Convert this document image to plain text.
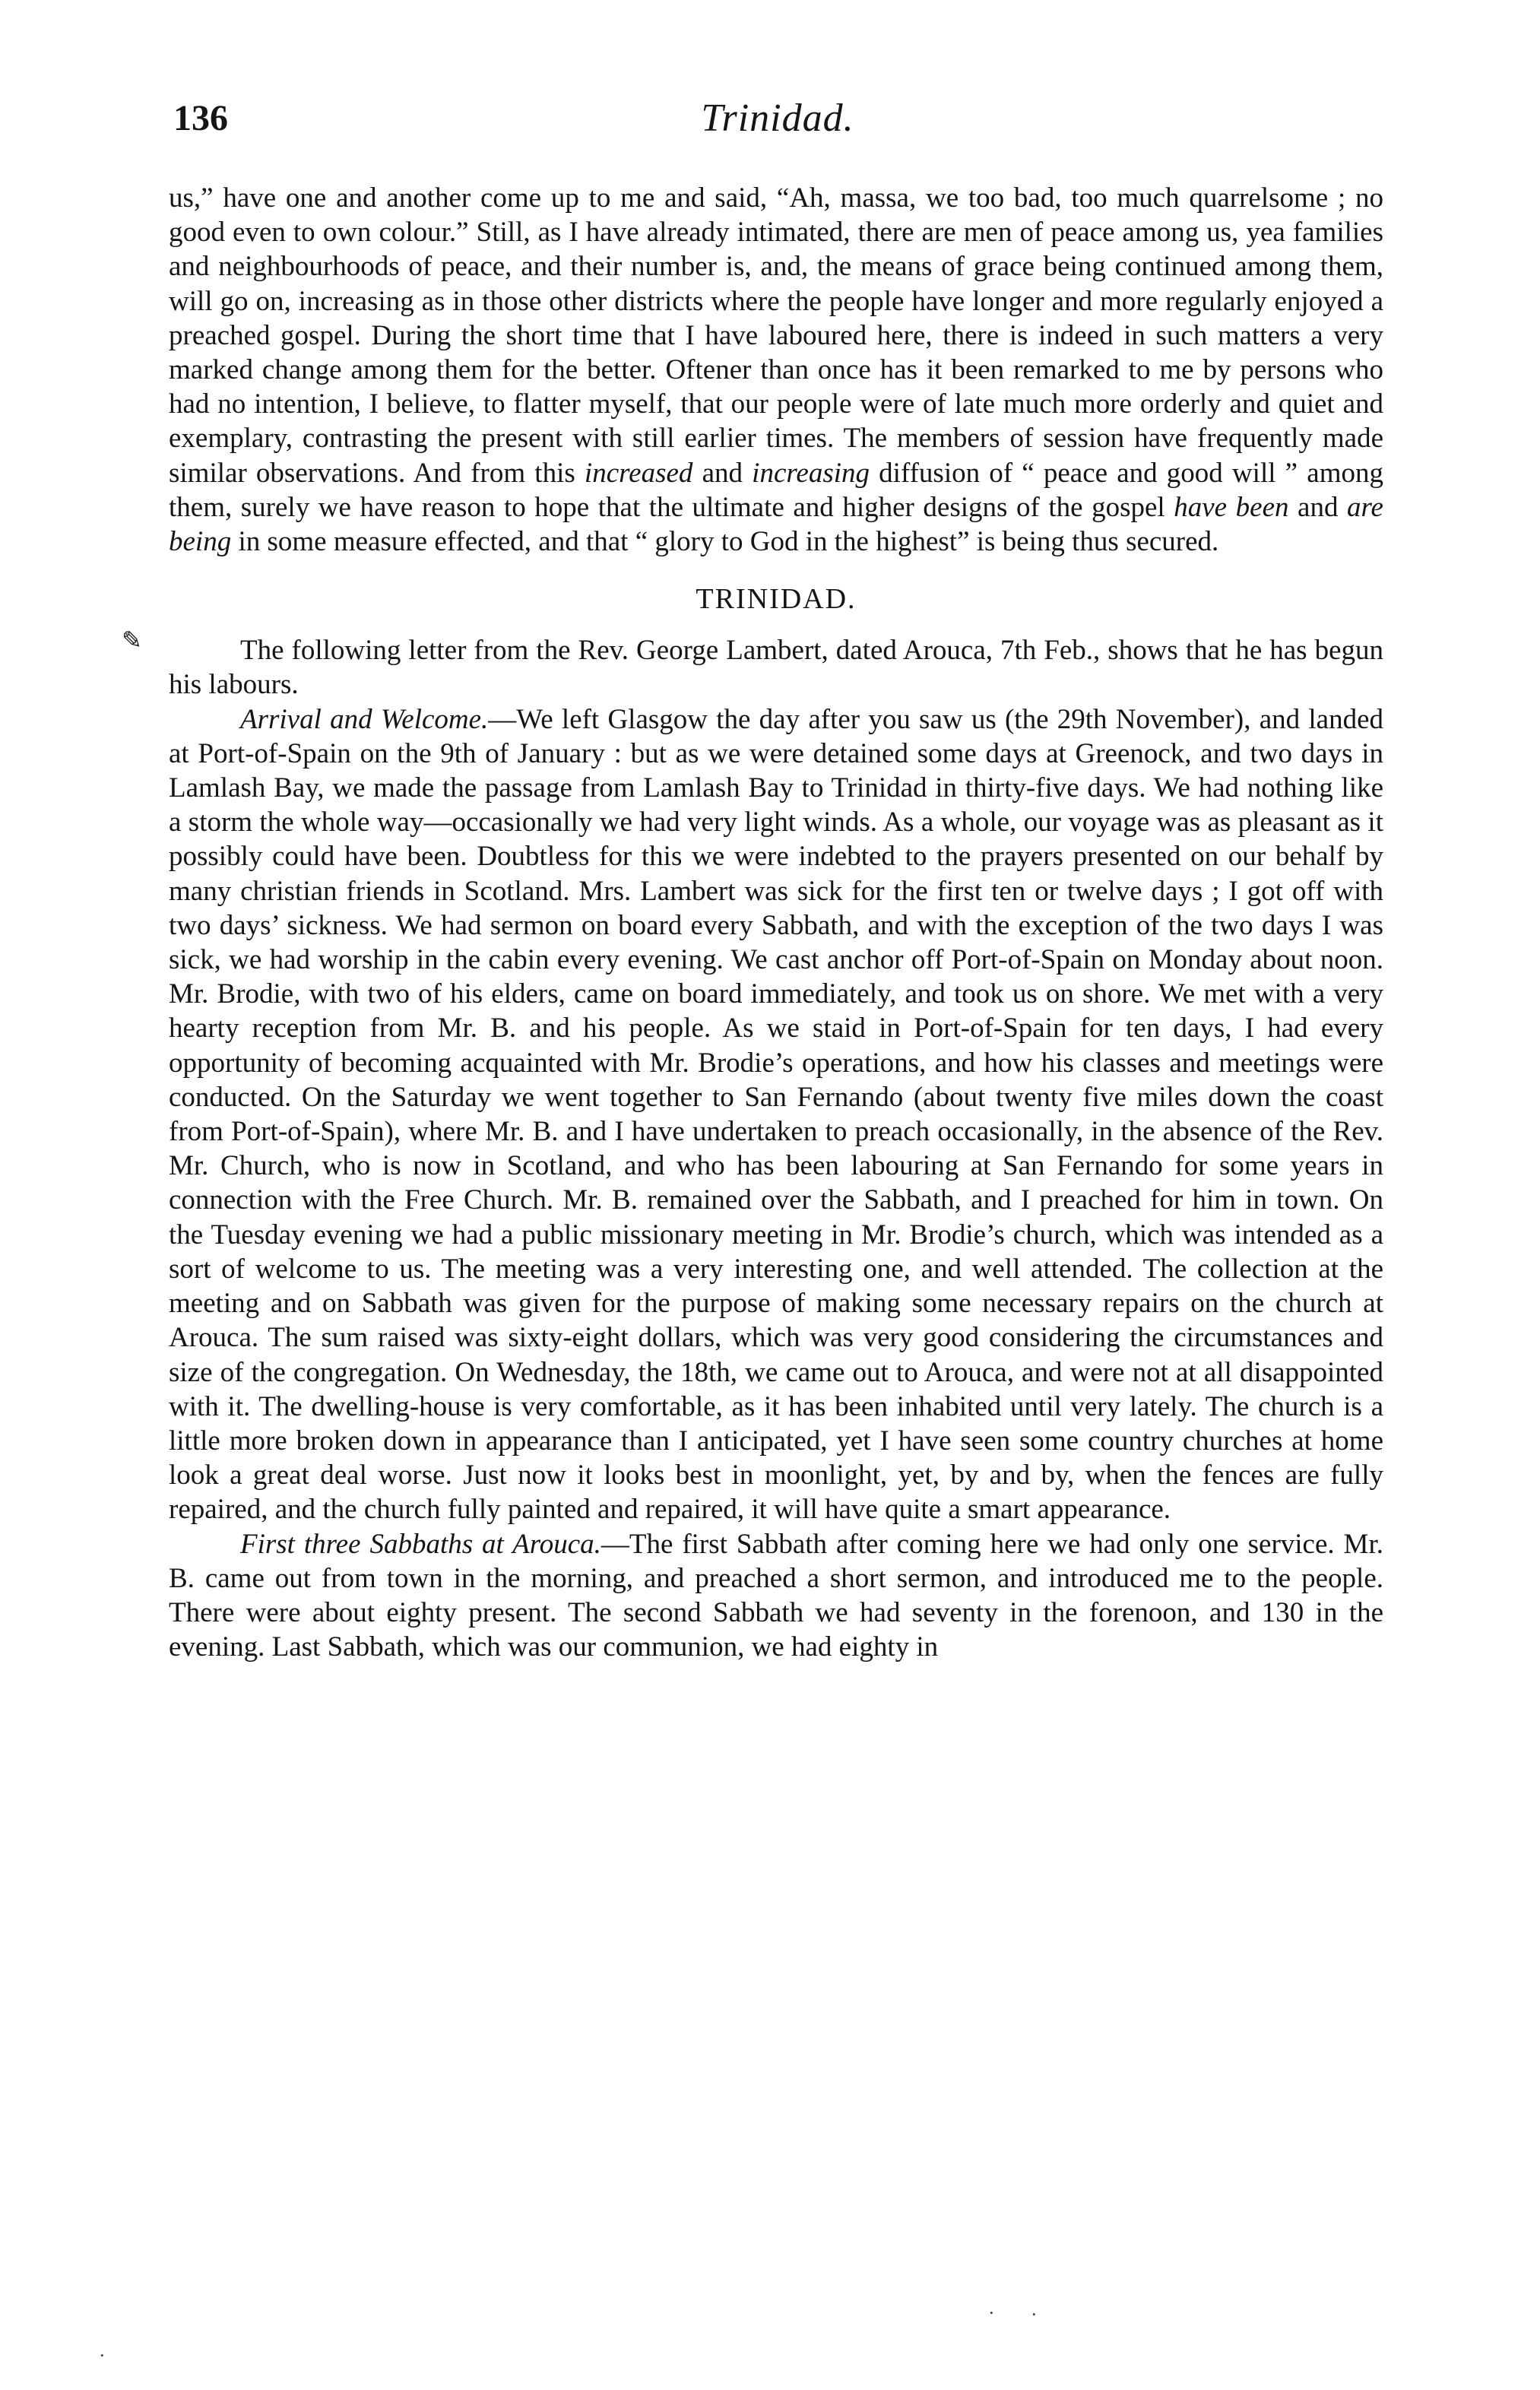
136	Trinidad.
✎

us,” have one and another come up to me and said, “Ah, massa, we too bad, too much quarrelsome ; no good even to own colour.” Still, as I have already intimated, there are men of peace among us, yea families and neighbourhoods of peace, and their number is, and, the means of grace being continued among them, will go on, increasing as in those other districts where the people have longer and more regularly enjoyed a preached gospel. During the short time that I have laboured here, there is indeed in such matters a very marked change among them for the better. Oftener than once has it been remarked to me by persons who had no intention, I believe, to flatter myself, that our people were of late much more orderly and quiet and exemplary, contrasting the present with still earlier times. The members of session have frequently made similar observations. And from this increased and increasing diffusion of “ peace and good will ” among them, surely we have reason to hope that the ultimate and higher designs of the gospel have been and are being in some measure effected, and that “ glory to God in the highest” is being thus secured.

TRINIDAD.

The following letter from the Rev. George Lambert, dated Arouca, 7th Feb., shows that he has begun his labours.

Arrival and Welcome.—We left Glasgow the day after you saw us (the 29th November), and landed at Port-of-Spain on the 9th of January : but as we were detained some days at Greenock, and two days in Lamlash Bay, we made the passage from Lamlash Bay to Trinidad in thirty-five days. We had nothing like a storm the whole way—occasionally we had very light winds. As a whole, our voyage was as pleasant as it possibly could have been. Doubtless for this we were indebted to the prayers presented on our behalf by many christian friends in Scotland. Mrs. Lambert was sick for the first ten or twelve days ; I got off with two days’ sickness. We had sermon on board every Sabbath, and with the exception of the two days I was sick, we had worship in the cabin every evening. We cast anchor off Port-of-Spain on Monday about noon. Mr. Brodie, with two of his elders, came on board immediately, and took us on shore. We met with a very hearty reception from Mr. B. and his people. As we staid in Port-of-Spain for ten days, I had every opportunity of becoming acquainted with Mr. Brodie’s operations, and how his classes and meetings were conducted. On the Saturday we went together to San Fernando (about twenty five miles down the coast from Port-of-Spain), where Mr. B. and I have undertaken to preach occasionally, in the absence of the Rev. Mr. Church, who is now in Scotland, and who has been labouring at San Fernando for some years in connection with the Free Church. Mr. B. remained over the Sabbath, and I preached for him in town. On the Tuesday evening we had a public missionary meeting in Mr. Brodie’s church, which was intended as a sort of welcome to us. The meeting was a very interesting one, and well attended. The collection at the meeting and on Sabbath was given for the purpose of making some necessary repairs on the church at Arouca. The sum raised was sixty-eight dollars, which was very good considering the circumstances and size of the congregation. On Wednesday, the 18th, we came out to Arouca, and were not at all disappointed with it. The dwelling-house is very comfortable, as it has been inhabited until very lately. The church is a little more broken down in appearance than I anticipated, yet I have seen some country churches at home look a great deal worse. Just now it looks best in moonlight, yet, by and by, when the fences are fully repaired, and the church fully painted and repaired, it will have quite a smart appearance.

First three Sabbaths at Arouca.—The first Sabbath after coming here we had only one service. Mr. B. came out from town in the morning, and preached a short sermon, and introduced me to the people. There were about eighty present. The second Sabbath we had seventy in the forenoon, and 130 in the evening. Last Sabbath, which was our communion, we had eighty in

· ·
·
